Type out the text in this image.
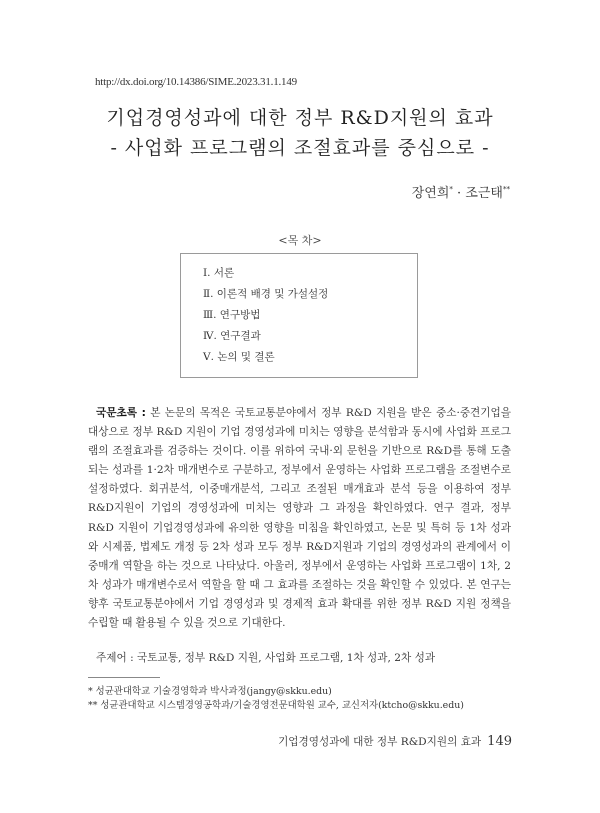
http://dx.doi.org/10.14386/SIME.2023.31.1.149
기업경영성과에 대한 정부 R&D지원의 효과
- 사업화 프로그램의 조절효과를 중심으로 -
장연희* · 조근태**
<목 차>
Ⅰ. 서론
Ⅱ. 이론적 배경 및 가설설정
Ⅲ. 연구방법
Ⅳ. 연구결과
Ⅴ. 논의 및 결론
국문초록 : 본 논문의 목적은 국토교통분야에서 정부 R&D 지원을 받은 중소·중견기업을 대상으로 정부 R&D 지원이 기업 경영성과에 미치는 영향을 분석함과 동시에 사업화 프로그램의 조절효과를 검증하는 것이다. 이를 위하여 국내·외 문헌을 기반으로 R&D를 통해 도출되는 성과를 1·2차 매개변수로 구분하고, 정부에서 운영하는 사업화 프로그램을 조절변수로 설정하였다. 회귀분석, 이중매개분석, 그리고 조절된 매개효과 분석 등을 이용하여 정부 R&D지원이 기업의 경영성과에 미치는 영향과 그 과정을 확인하였다. 연구 결과, 정부 R&D 지원이 기업경영성과에 유의한 영향을 미침을 확인하였고, 논문 및 특허 등 1차 성과와 시제품, 법제도 개정 등 2차 성과 모두 정부 R&D지원과 기업의 경영성과의 관계에서 이중매개 역할을 하는 것으로 나타났다. 아울러, 정부에서 운영하는 사업화 프로그램이 1차, 2차 성과가 매개변수로서 역할을 할 때 그 효과를 조절하는 것을 확인할 수 있었다. 본 연구는 향후 국토교통분야에서 기업 경영성과 및 경제적 효과 확대를 위한 정부 R&D 지원 정책을 수립할 때 활용될 수 있을 것으로 기대한다.
주제어 : 국토교통, 정부 R&D 지원, 사업화 프로그램, 1차 성과, 2차 성과
* 성균관대학교 기술경영학과 박사과정(jangy@skku.edu)
** 성균관대학교 시스템경영공학과/기술경영전문대학원 교수, 교신저자(ktcho@skku.edu)
기업경영성과에 대한 정부 R&D지원의 효과 149
